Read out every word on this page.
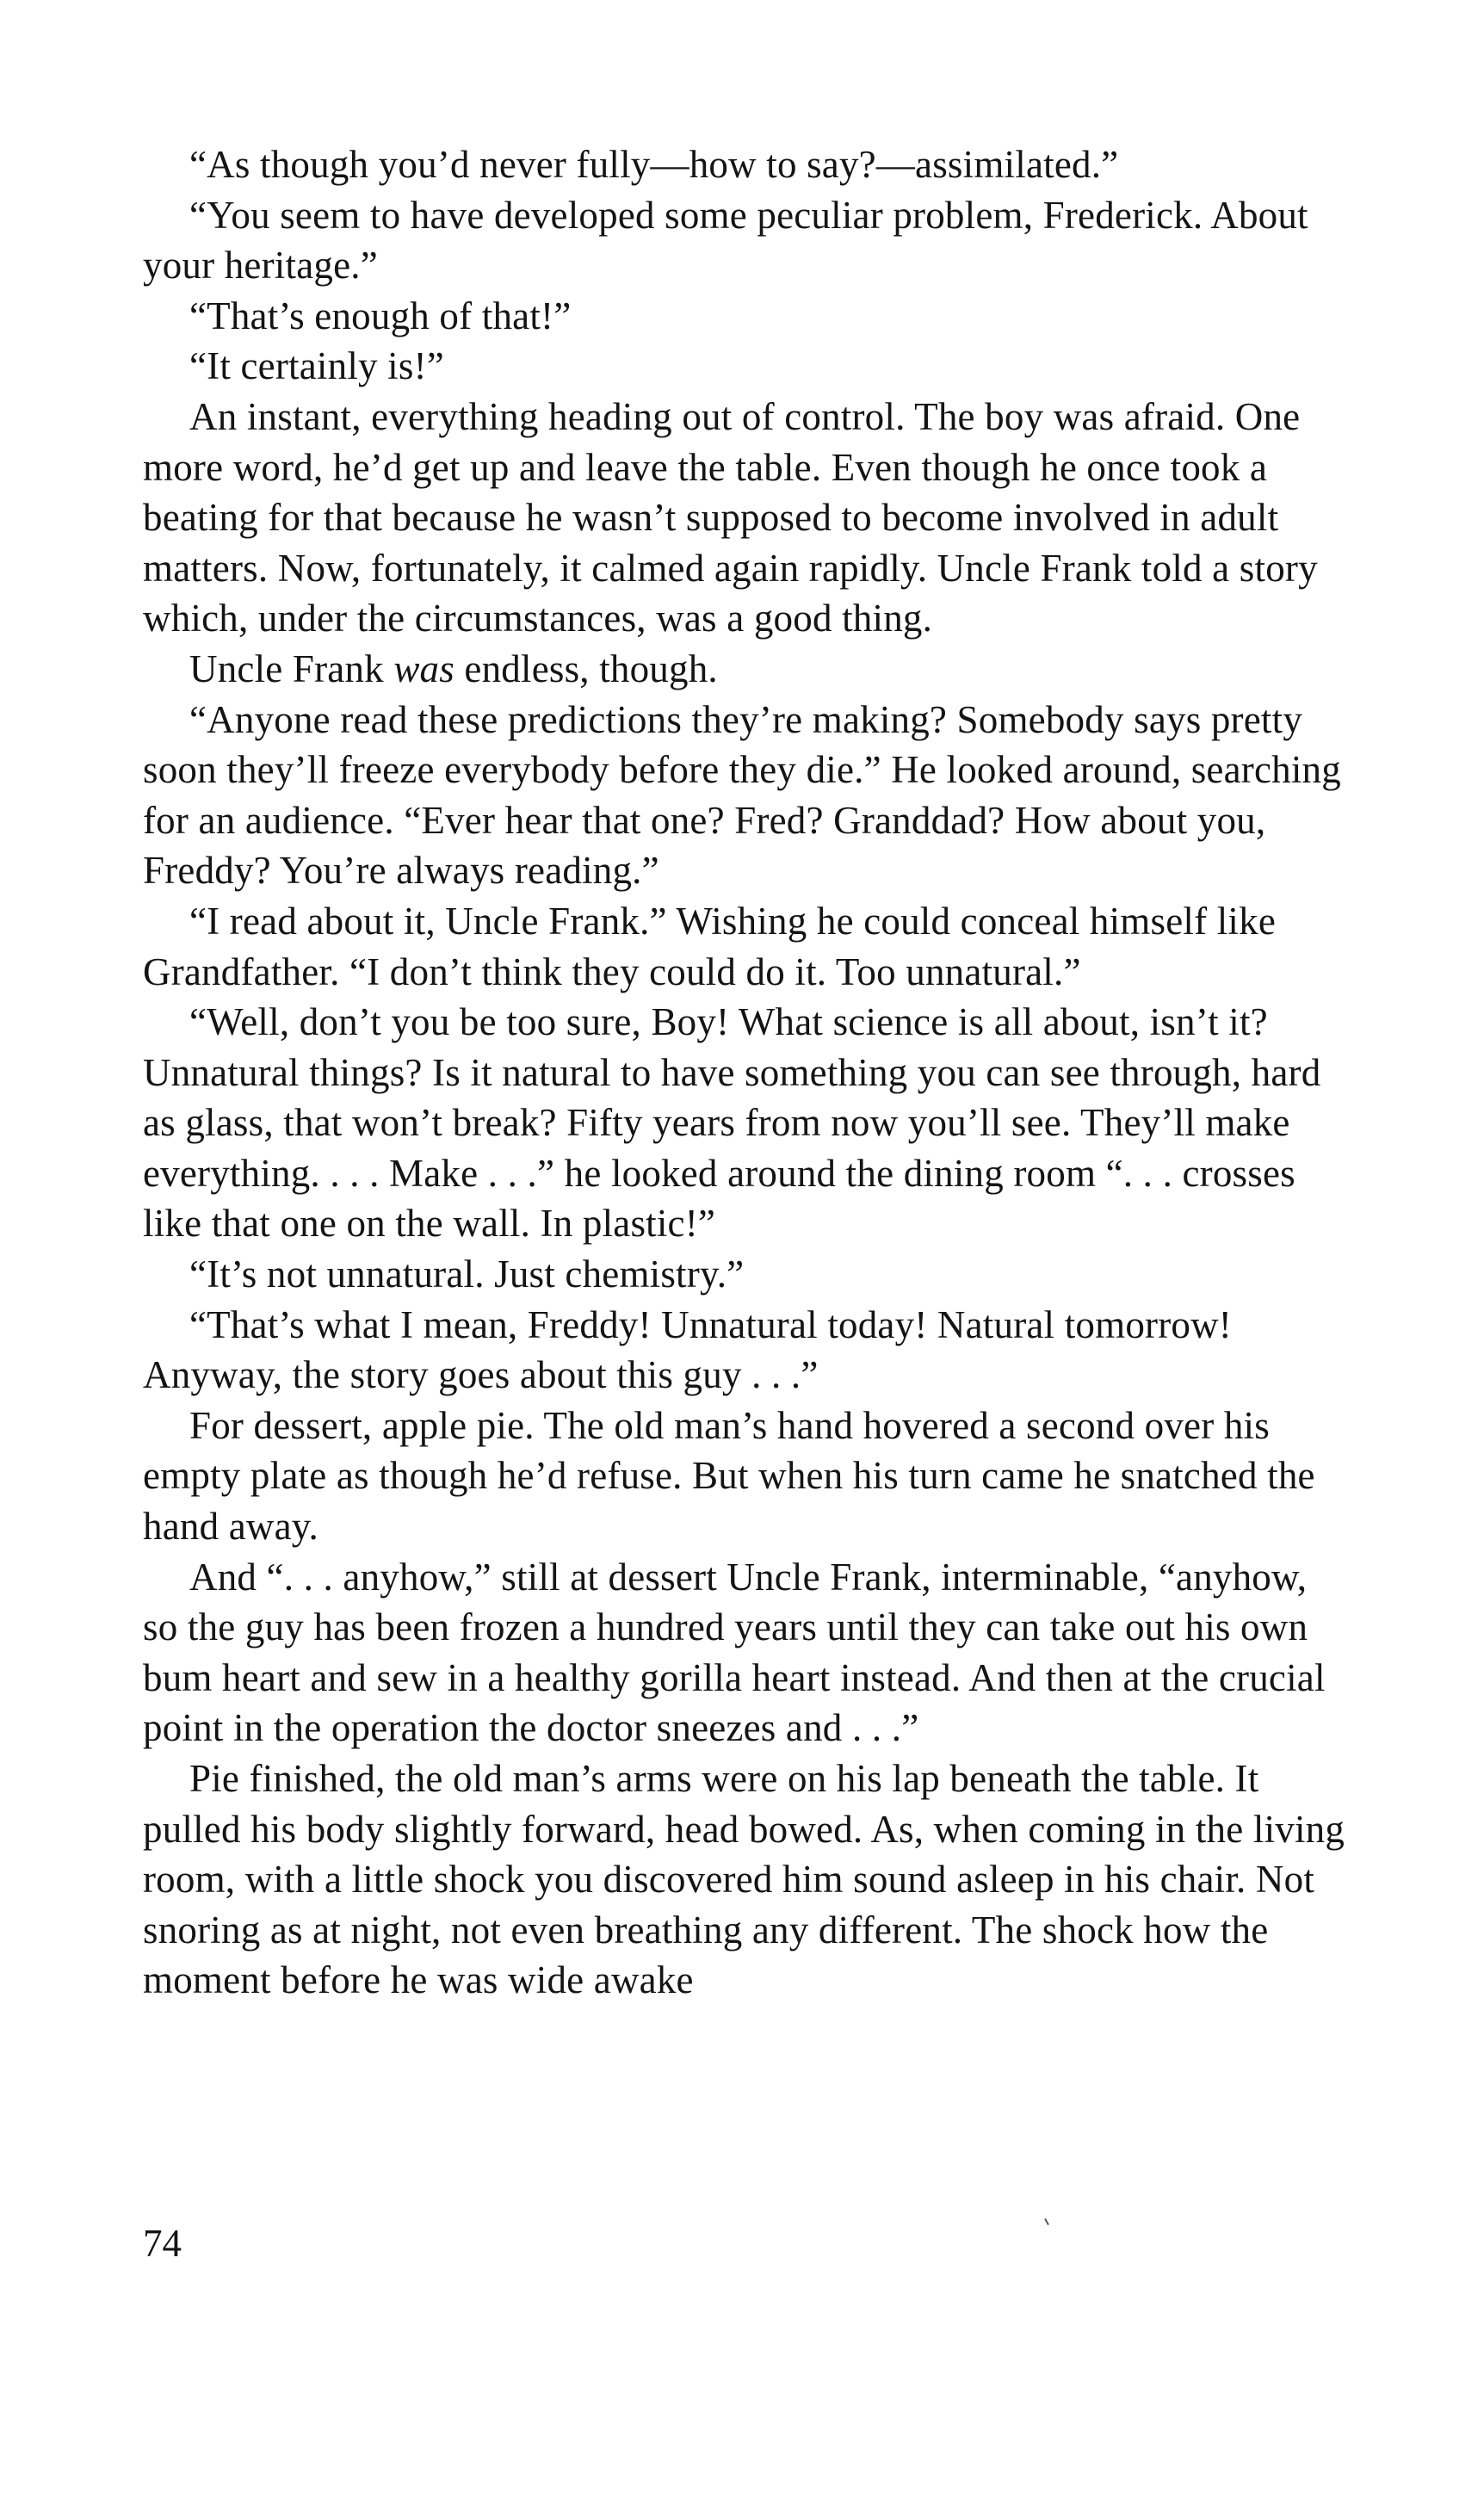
“As though you’d never fully—how to say?—assimilated.”

“You seem to have developed some peculiar problem, Frederick. About your heritage.”

“That’s enough of that!”

“It certainly is!”

An instant, everything heading out of control. The boy was afraid. One more word, he’d get up and leave the table. Even though he once took a beating for that because he wasn’t supposed to become involved in adult matters. Now, fortunately, it calmed again rapidly. Uncle Frank told a story which, under the circumstances, was a good thing.

Uncle Frank was endless, though.

“Anyone read these predictions they’re making? Somebody says pretty soon they’ll freeze everybody before they die.” He looked around, searching for an audience. “Ever hear that one? Fred? Granddad? How about you, Freddy? You’re always reading.”

“I read about it, Uncle Frank.” Wishing he could conceal himself like Grandfather. “I don’t think they could do it. Too unnatural.”

“Well, don’t you be too sure, Boy! What science is all about, isn’t it? Unnatural things? Is it natural to have something you can see through, hard as glass, that won’t break? Fifty years from now you’ll see. They’ll make everything. . . . Make . . .” he looked around the dining room “. . . crosses like that one on the wall. In plastic!”

“It’s not unnatural. Just chemistry.”

“That’s what I mean, Freddy! Unnatural today! Natural tomorrow! Anyway, the story goes about this guy . . .”

For dessert, apple pie. The old man’s hand hovered a second over his empty plate as though he’d refuse. But when his turn came he snatched the hand away.

And “. . . anyhow,” still at dessert Uncle Frank, interminable, “anyhow, so the guy has been frozen a hundred years until they can take out his own bum heart and sew in a healthy gorilla heart instead. And then at the crucial point in the operation the doctor sneezes and . . .”

Pie finished, the old man’s arms were on his lap beneath the table. It pulled his body slightly forward, head bowed. As, when coming in the living room, with a little shock you discovered him sound asleep in his chair. Not snoring as at night, not even breathing any different. The shock how the moment before he was wide awake

74
